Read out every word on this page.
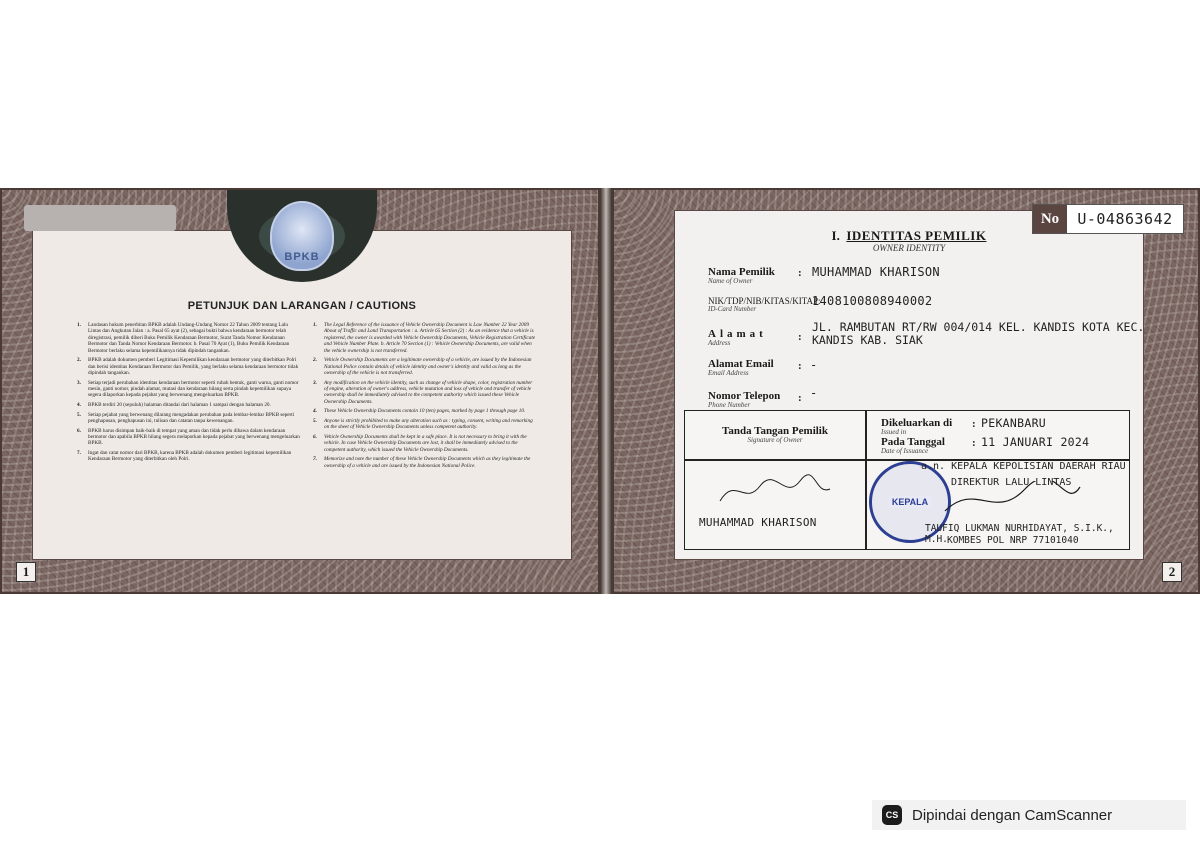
BPKB
PETUNJUK DAN LARANGAN / CAUTIONS
1.	Landasan hukum penerbitan BPKB adalah Undang-Undang Nomor 22 Tahun 2009 tentang Lalu Lintas dan Angkutan Jalan : a. Pasal 65 ayat (2), sebagai bukti bahwa kendaraan bermotor telah diregistrasi, pemilik diberi Buku Pemilik Kendaraan Bermotor, Surat Tanda Nomor Kendaraan Bermotor dan Tanda Nomor Kendaraan Bermotor. b. Pasal 70 Ayat (1), Buku Pemilik Kendaraan Bermotor berlaku selama kepemilikannya tidak dipindah tangankan.
2.	BPKB adalah dokumen pemberi Legitimasi Kepemilikan kendaraan bermotor yang diterbitkan Polri dan berisi identitas Kendaraan Bermotor dan Pemilik, yang berlaku selama kendaraan bermotor tidak dipindah tangankan.
3.	Setiap terjadi perubahan identitas kendaraan bermotor seperti rubah bentuk, ganti warna, ganti nomor mesin, ganti nomor, pindah alamat, mutasi dan kendaraan hilang serta pindah kepemilikan supaya segera dilaporkan kepada pejabat yang berwenang mengeluarkan BPKB.
4.	BPKB terdiri 20 (sepuluh) halaman ditandai dari halaman 1 sampai dengan halaman 20.
5.	Setiap pejabat yang berwenang dilarang mengadakan perubahan pada lembar-lembar BPKB seperti penghapusan, penghapusan ini, tulisan dan catatan tanpa kewenangan.
6.	BPKB harus disimpan baik-baik di tempat yang aman dan tidak perlu dibawa dalam kendaraan bermotor dan apabila BPKB hilang segera melaporkan kepada pejabat yang berwenang mengeluarkan BPKB.
7.	Ingat dan catat nomor dari BPKB, karena BPKB adalah dokumen pemberi legitimasi kepemilikan Kendaraan Bermotor yang diterbitkan oleh Polri.
1.	The Legal Reference of the issuance of Vehicle Ownership Document is Law Number 22 Year 2009 About of Traffic and Land Transportation : a. Article 65 Section (2) : As an evidence that a vehicle is registered, the owner is awarded with Vehicle Ownership Documents, Vehicle Registration Certificate and Vehicle Number Plate. b. Article 70 Section (1) : Vehicle Ownership Documents, are valid when the vehicle ownership is not transferred.
2.	Vehicle Ownership Documents are a legitimate ownership of a vehicle, are issued by the Indonesian National Police contain details of vehicle identity and owner's identity and valid as long as the ownership of the vehicle is not transferred.
3.	Any modification on the vehicle identity, such as change of vehicle shape, color, registration number of engine, alteration of owner's address, vehicle mutation and loss of vehicle and transfer of vehicle ownership shall be immediately advised to the competent authority which issued these Vehicle Ownership Documents.
4.	These Vehicle Ownership Documents contain 10 (ten) pages, marked by page 1 through page 10.
5.	Anyone is strictly prohibited to make any alteration such as : typing, consent, writing and remarking on the sheet of Vehicle Ownership Documents unless competent authority.
6.	Vehicle Ownership Documents shall be kept in a safe place. It is not necessary to bring it with the vehicle. In case Vehicle Ownership Documents are lost, it shall be immediately advised to the competent authority, which issued the Vehicle Ownership Documents.
7.	Memorize and note the number of these Vehicle Ownership Documents which as they legitimate the ownership of a vehicle and are issued by the Indonesian National Police.
1
No	U-04863642
I. IDENTITAS PEMILIK
OWNER IDENTITY
Nama Pemilik
Name of Owner
: MUHAMMAD KHARISON
NIK/TDP/NIB/KITAS/KITAP:
ID-Card Number
1408100808940002
Alamat
Address	:
JL. RAMBUTAN RT/RW 004/014 KEL. KANDIS KOTA KEC.
KANDIS KAB. SIAK
Alamat Email
Email Address
: -
Nomor Telepon
Phone Number
: -
Tanda Tangan Pemilik
Signature of Owner
MUHAMMAD KHARISON
Dikeluarkan di
Issued in
: PEKANBARU
Pada Tanggal
Date of Issuance
: 11 JANUARI 2024
KEPALA
a.n. KEPALA KEPOLISIAN DAERAH RIAU
DIREKTUR LALU LINTAS
TAUFIQ LUKMAN NURHIDAYAT, S.I.K., M.H. KOMBES POL NRP 77101040
2
CS Dipindai dengan CamScanner
